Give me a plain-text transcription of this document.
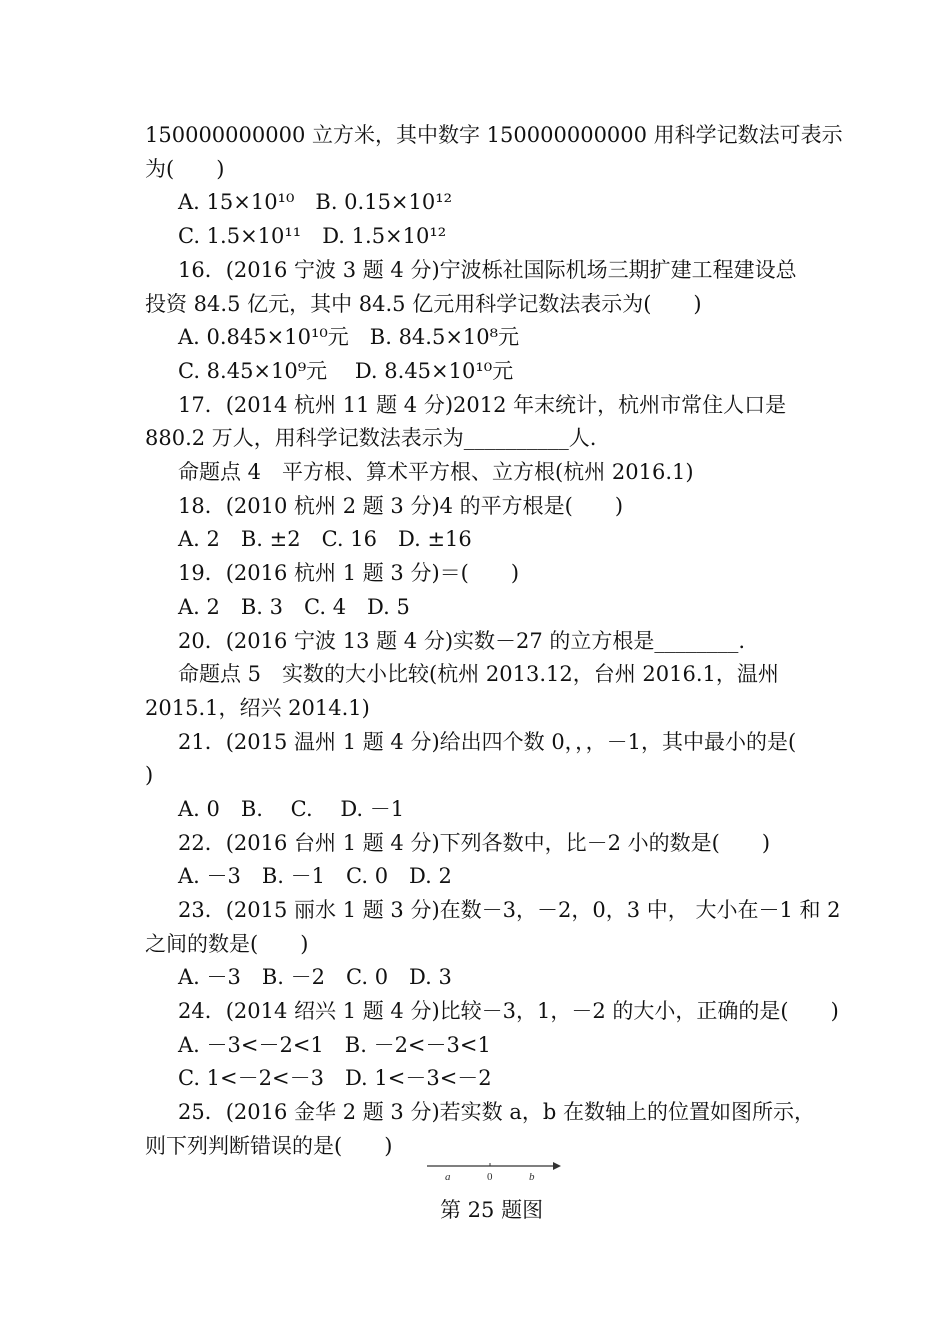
150000000000 立方米，其中数字 150000000000 用科学记数法可表示
为(　　)
A. 15×10¹⁰　B. 0.15×10¹²
C. 1.5×10¹¹　D. 1.5×10¹²
16．(2016 宁波 3 题 4 分)宁波栎社国际机场三期扩建工程建设总
投资 84.5 亿元，其中 84.5 亿元用科学记数法表示为(　　)
A. 0.845×10¹⁰元　B. 84.5×10⁸元
C. 8.45×10⁹元　 D. 8.45×10¹⁰元
17．(2014 杭州 11 题 4 分)2012 年末统计，杭州市常住人口是
880.2 万人，用科学记数法表示为__________人.
命题点 4　平方根、算术平方根、立方根(杭州 2016.1)
18．(2010 杭州 2 题 3 分)4 的平方根是(　　)
A. 2　B. ±2　C. 16　D. ±16
19．(2016 杭州 1 题 3 分)＝(　　)
A. 2　B. 3　C. 4　D. 5
20．(2016 宁波 13 题 4 分)实数－27 的立方根是________.
命题点 5　实数的大小比较(杭州 2013.12，台州 2016.1，温州
2015.1，绍兴 2014.1)
21．(2015 温州 1 题 4 分)给出四个数 0，，，－1，其中最小的是(
)
A. 0　B. 　C. 　D. －1
22．(2016 台州 1 题 4 分)下列各数中，比－2 小的数是(　　)
A. －3　B. －1　C. 0　D. 2
23．(2015 丽水 1 题 3 分)在数－3，－2，0，3 中， 大小在－1 和 2
之间的数是(　　)
A. －3　B. －2　C. 0　D. 3
24．(2014 绍兴 1 题 4 分)比较－3，1，－2 的大小，正确的是(　　)
A. －3<－2<1　B. －2<－3<1
C. 1<－2<－3　D. 1<－3<－2
25．(2016 金华 2 题 3 分)若实数 a，b 在数轴上的位置如图所示，
则下列判断错误的是(　　)
a	0	b
第 25 题图
